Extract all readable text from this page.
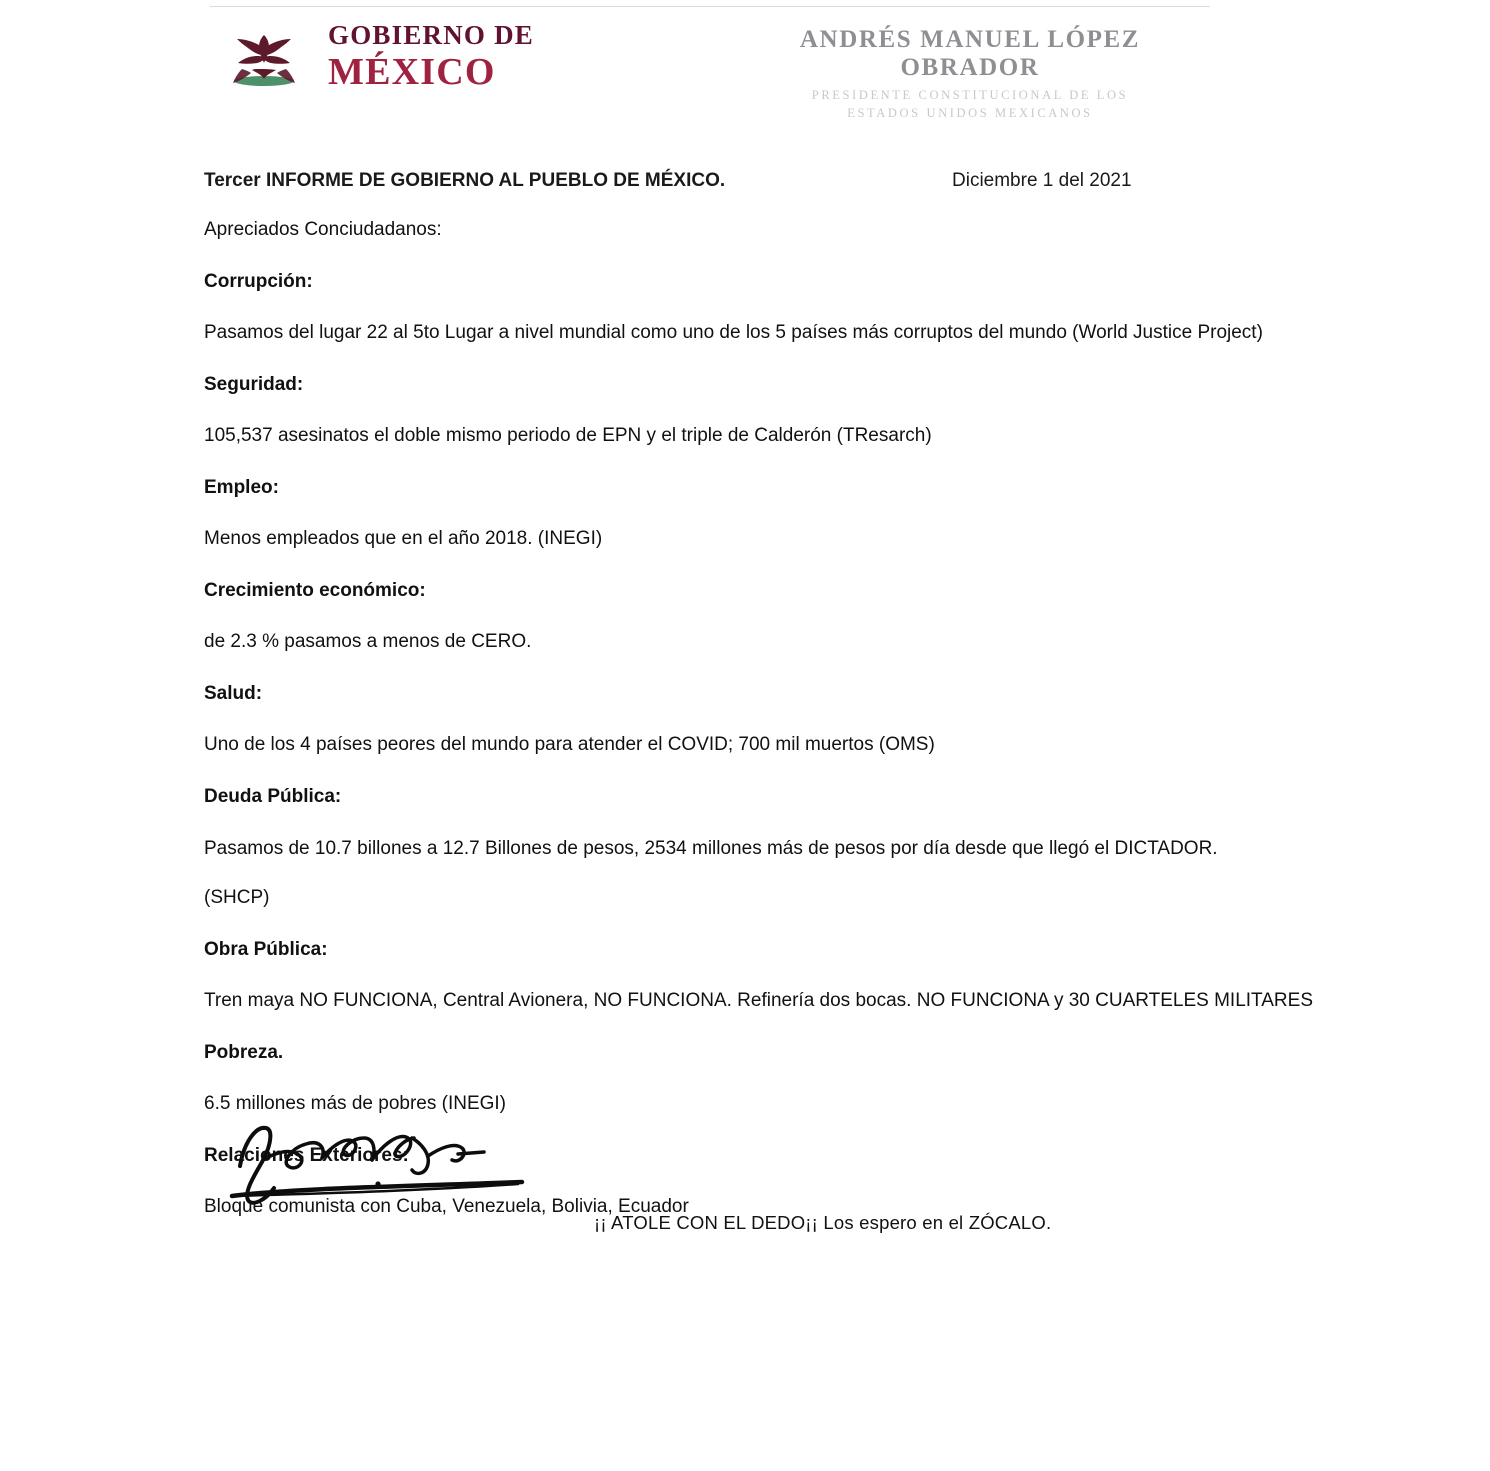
GOBIERNO DE
MÉXICO
ANDRÉS MANUEL LÓPEZ OBRADOR
PRESIDENTE CONSTITUCIONAL DE LOS
ESTADOS UNIDOS MEXICANOS
Tercer INFORME DE GOBIERNO AL PUEBLO DE MÉXICO.	Diciembre 1 del 2021

Apreciados Conciudadanos:

Corrupción:

Pasamos del lugar 22 al 5to Lugar a nivel mundial como uno de los 5 países más corruptos del mundo (World Justice Project)

Seguridad:

105,537 asesinatos el doble mismo periodo de EPN y el triple de Calderón (TResarch)

Empleo:

Menos empleados que en el año 2018. (INEGI)

Crecimiento económico:

de 2.3 % pasamos a menos de CERO.

Salud:

Uno de los 4 países peores del mundo para atender el COVID; 700 mil muertos (OMS)

Deuda Pública:

Pasamos de 10.7 billones a 12.7 Billones de pesos, 2534 millones más de pesos por día desde que llegó el DICTADOR.

(SHCP)

Obra Pública:

Tren maya NO FUNCIONA, Central Avionera, NO FUNCIONA. Refinería dos bocas. NO FUNCIONA y 30 CUARTELES MILITARES

Pobreza.

6.5 millones más de pobres (INEGI)

Relaciones Exteriores:

Bloque comunista con Cuba, Venezuela, Bolivia, Ecuador

¡¡ ATOLE CON EL DEDO¡¡ Los espero en el ZÓCALO.
